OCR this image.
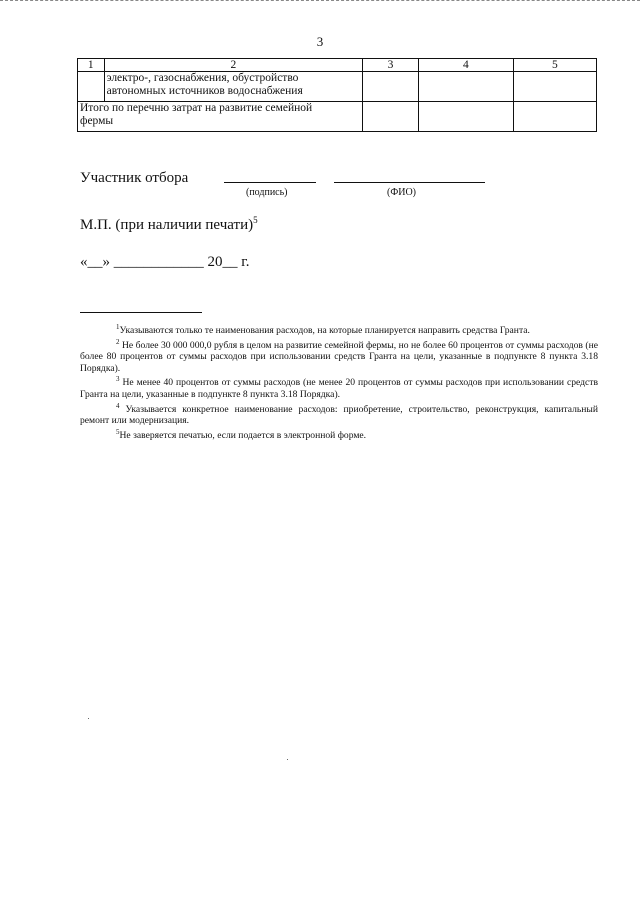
3
1	2	3	4	5

	электро-, газоснабжения, обустройство
автономных источников водоснабжения			

Итого по перечню затрат на развитие семейной
фермы				

Участник отбора
(подпись)	(ФИО)
М.П. (при наличии печати)$^5$
«__» ____________ 20__ г.

$^1$Указываются только те наименования расходов, на которые планируется направить средства Гранта.

$^2$ Не более 30 000 000,0 рубля в целом на развитие семейной фермы, но не более 60 процентов от суммы расходов (не более 80 процентов от суммы расходов при использовании средств Гранта на цели, указанные в подпункте 8 пункта 3.18 Порядка).

$^3$ Не менее 40 процентов от суммы расходов (не менее 20 процентов от суммы расходов при использовании средств Гранта на цели, указанные в подпункте 8 пункта 3.18 Порядка).

$^4$ Указывается конкретное наименование расходов: приобретение, строительство, реконструкция, капитальный ремонт или модернизация.

$^5$Не заверяется печатью, если подается в электронной форме.
